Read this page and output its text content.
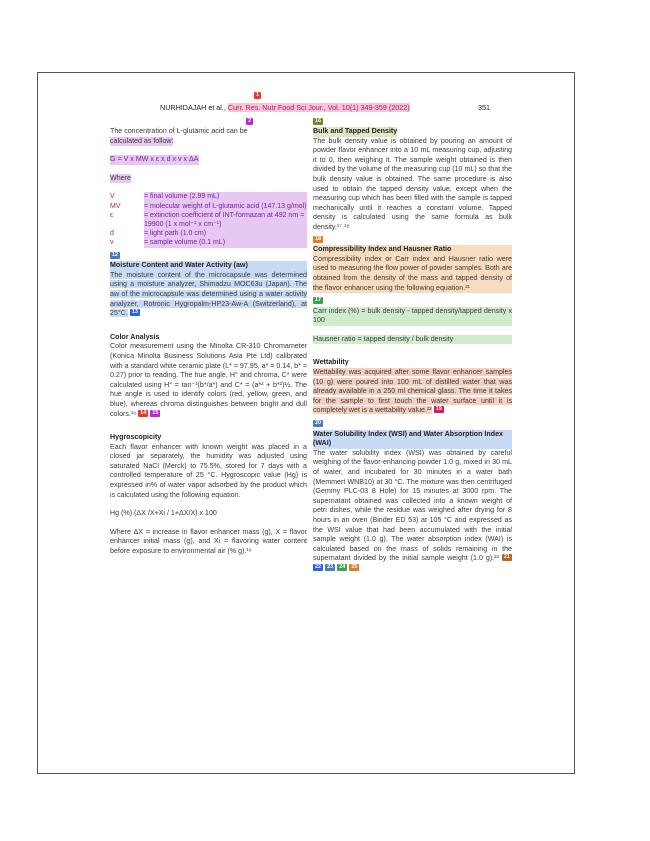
1
NURHIDAJAH et al., Curr. Res. Nutr Food Sci Jour., Vol. 10(1) 349-359 (2022)	351
2

The concentration of L-glutamic acid can be

calculated as follow:

G = V x MW x ε x d x v x ΔA

Where

V	= final volume (2.99 mL)
MV	= molecular weight of L-glutamic acid (147.13 g/mol)
ε	= extinction coefficient of INT-formazan at 492 nm = 19900 (1 x mol⁻¹ x cm⁻¹)
d	= light path (1.0 cm)
v	= sample volume (0.1 mL)
12

Moisture Content and Water Activity (aw)

The moisture content of the microcapsule was determined using a moisture analyzer, Shimadzu MOC63u (Japan). The aw of the microcapsule was determined using a water activity analyzer, Rotronic Hygropalm-HP23-Aw-A (Switzerland), at 25°C. 13

Color Analysis

Color measurement using the Minolta CR-310 Chromameter (Konica Minolta Business Solutions Asia Pte Ltd) calibrated with a standard white ceramic plate (L* = 97.95, a* = 0.14, b* = 0.27) prior to reading. The hue angle, H° and chroma, C* were calculated using H° = tan⁻¹(b*/a*) and C* = (a*² + b*²)½. The hue angle is used to identify colors (red, yellow, green, and blue), whereas chroma distinguishes between bright and dull colors.¹⁶ 14 15

Hygroscopicity

Each flavor enhancer with known weight was placed in a closed jar separately, the humidity was adjusted using saturated NaCl (Merck) to 75.5%, stored for 7 days with a controlled temperature of 25 °C. Hygroscopic value (Hg) is expressed in% of water vapor adsorbed by the product which is calculated using the following equation.

Hg (%) (ΔX /X+Xi / 1+ΔX/X) x 100

Where ΔX = increase in flavor enhancer mass (g), X = flavor enhancer initial mass (g), and Xi = flavoring water content before exposure to environmental air (% g).¹⁶

16

Bulk and Tapped Density

The bulk density value is obtained by pouring an amount of powder flavor enhancer into a 10 mL measuring cup, adjusting it to 0, then weighing it. The sample weight obtained is then divided by the volume of the measuring cup (10 mL) so that the bulk density value is obtained. The same procedure is also used to obtain the tapped density value, except when the measuring cup which has been filled with the sample is tapped mechanically until it reaches a constant volume. Tapped density is calculated using the same formula as bulk density.¹⁷˒¹⁸

18

Compressibility Index and Hausner Ratio

Compressibility index or Carr index and Hausner ratio were used to measuring the flow power of powder samples. Both are obtained from the density of the mass and tapped density of the flavor enhancer using the following equation.²¹

17

Carr index (%) = bulk density - tapped density/tapped density x 100

Hausner ratio = tapped density / bulk density

Wettability

Wettability was acquired after some flavor enhancer samples (10 g) were poured into 100 mL of distilled water that was already available in a 250 ml chemical glass. The time it takes for the sample to first touch the water surface until it is completely wet is a wettability value.²² 19

20

Water Solubility Index (WSI) and Water Absorption Index (WAI)

The water solubility index (WSI) was obtained by careful weighing of the flavor-enhancing powder 1.0 g, mixed in 30 mL of water, and incubated for 30 minutes in a water bath (Memmert WNB10) at 30 °C. The mixture was then centrifuged (Gemmy PLC-03 8 Hole) for 15 minutes at 3000 rpm. The supernatant obtained was collected into a known weight of petri dishes, while the residue was weighed after drying for 8 hours in an oven (Binder ED 53) at 105 °C and expressed as the WSI value that had been accumulated with the initial sample weight (1.0 g). The water absorption index (WAI) is calculated based on the mass of solids remaining in the supernatant divided by the initial sample weight (1.0 g).²³ 21 22 23 24 25
